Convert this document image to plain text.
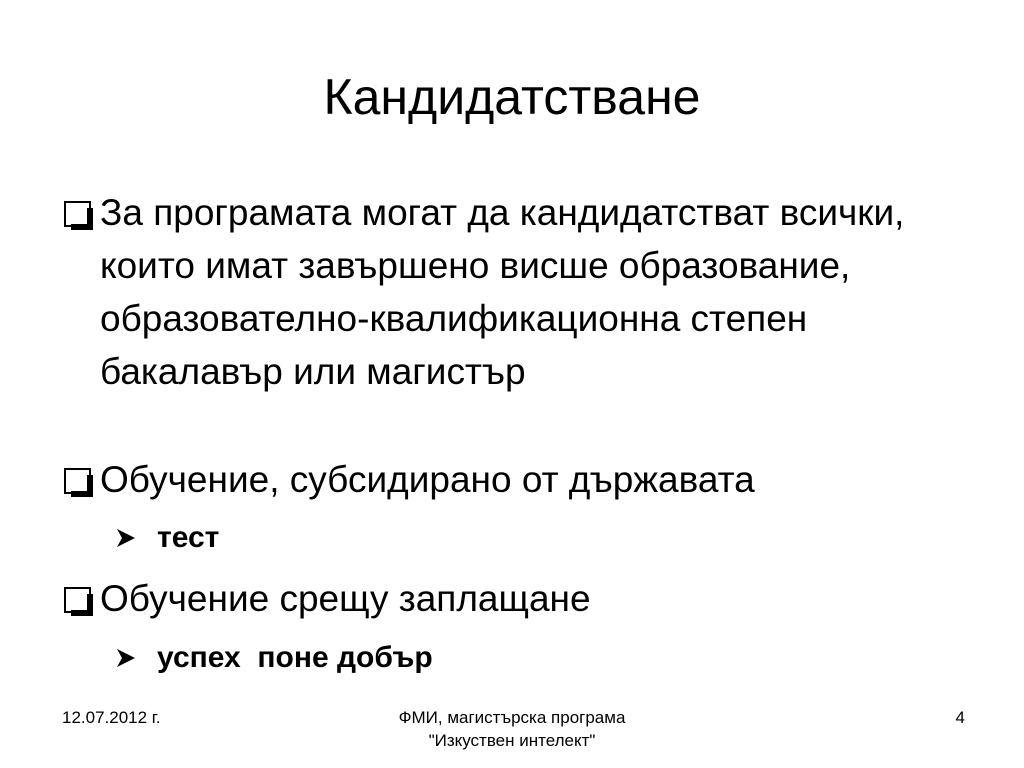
Кандидатстване
За програмата могат да кандидатстват всички, които имат завършено висше образование, образователно-квалификационна степен бакалавър или магистър
Обучение, субсидирано от държавата
тест
Обучение срещу заплащане
успех  поне добър
12.07.2012 г.	ФМИ, магистърска програма
"Изкуствен интелект"
4
